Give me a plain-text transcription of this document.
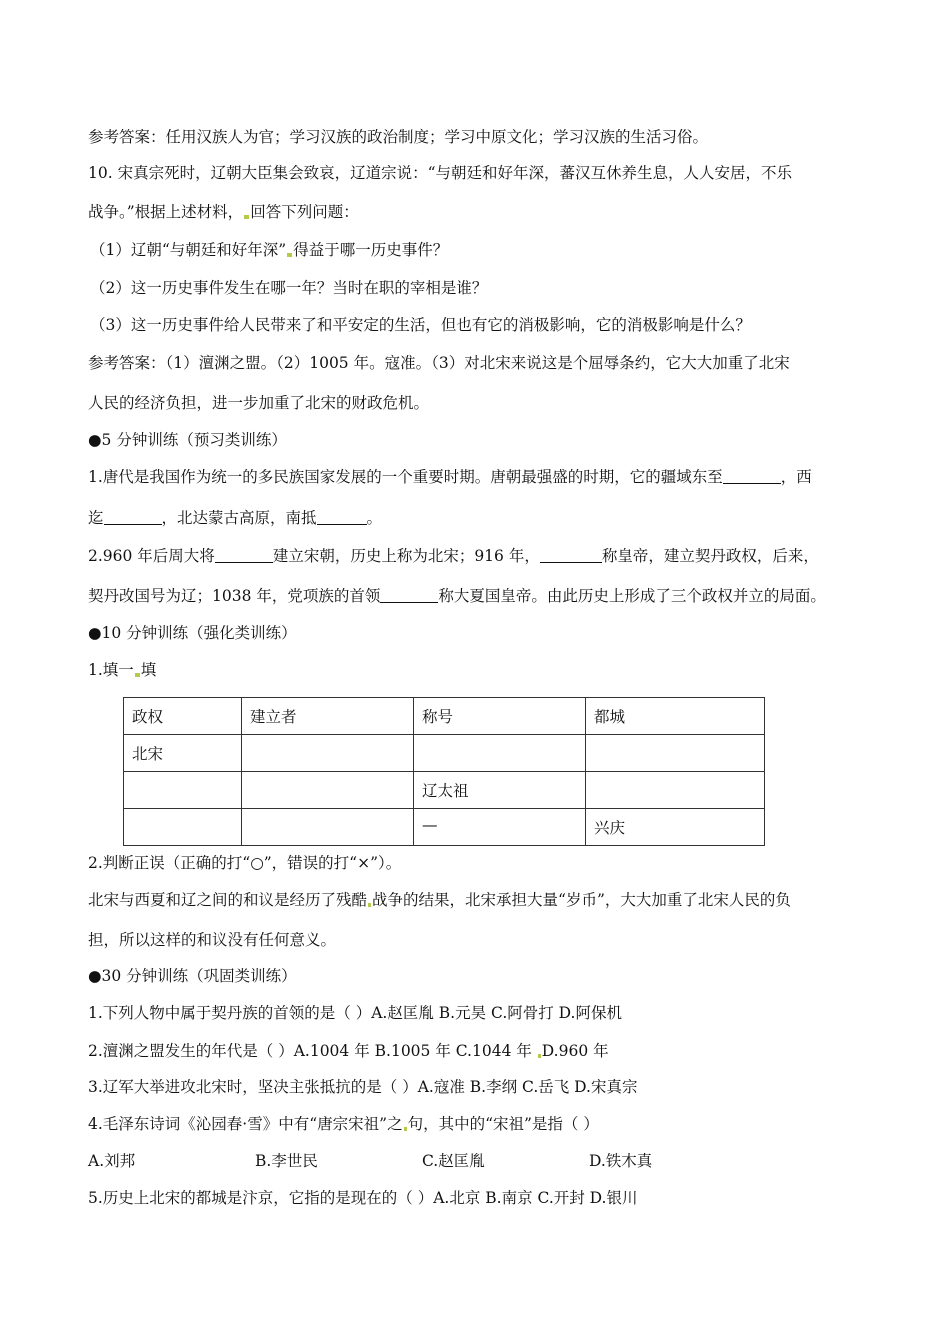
参考答案：任用汉族人为官；学习汉族的政治制度；学习中原文化；学习汉族的生活习俗。
10. 宋真宗死时，辽朝大臣集会致哀，辽道宗说：“与朝廷和好年深，蕃汉互休养生息，人人安居，不乐
战争。”根据上述材料， 回答下列问题：
（1）辽朝“与朝廷和好年深” 得益于哪一历史事件？
（2）这一历史事件发生在哪一年？当时在职的宰相是谁？
（3）这一历史事件给人民带来了和平安定的生活，但也有它的消极影响，它的消极影响是什么？
参考答案：（1）澶渊之盟。（2）1005 年。寇准。（3）对北宋来说这是个屈辱条约，它大大加重了北宋
人民的经济负担，进一步加重了北宋的财政危机。
●5 分钟训练（预习类训练）
1.唐代是我国作为统一的多民族国家发展的一个重要时期。唐朝最强盛的时期，它的疆域东至	，西
迄	，北达蒙古高原，南抵	。
2.960 年后周大将	建立宋朝，历史上称为北宋；916 年，	称皇帝，建立契丹政权，后来，
契丹改国号为辽；1038 年，党项族的首领	称大夏国皇帝。由此历史上形成了三个政权并立的局面。
●10 分钟训练（强化类训练）
1.填一 填
政权	建立者	称号	都城
北宋			
		辽太祖	
		—	兴庆
2.判断正误（正确的打“○”，错误的打“×”）。
北宋与西夏和辽之间的和议是经历了残酷 战争的结果，北宋承担大量“岁币”，大大加重了北宋人民的负
担，所以这样的和议没有任何意义。
●30 分钟训练（巩固类训练）
1.下列人物中属于契丹族的首领的是（ ）A.赵匡胤 B.元昊 C.阿骨打 D.阿保机
2.澶渊之盟发生的年代是（ ）A.1004 年 B.1005 年 C.1044 年 D.960 年
3.辽军大举进攻北宋时，坚决主张抵抗的是（ ）A.寇准 B.李纲 C.岳飞 D.宋真宗
4.毛泽东诗词《沁园春·雪》中有“唐宗宋祖”之 句，其中的“宋祖”是指（ ）
A.刘邦	B.李世民	C.赵匡胤	D.铁木真
5.历史上北宋的都城是汴京，它指的是现在的（ ）A.北京 B.南京 C.开封 D.银川
